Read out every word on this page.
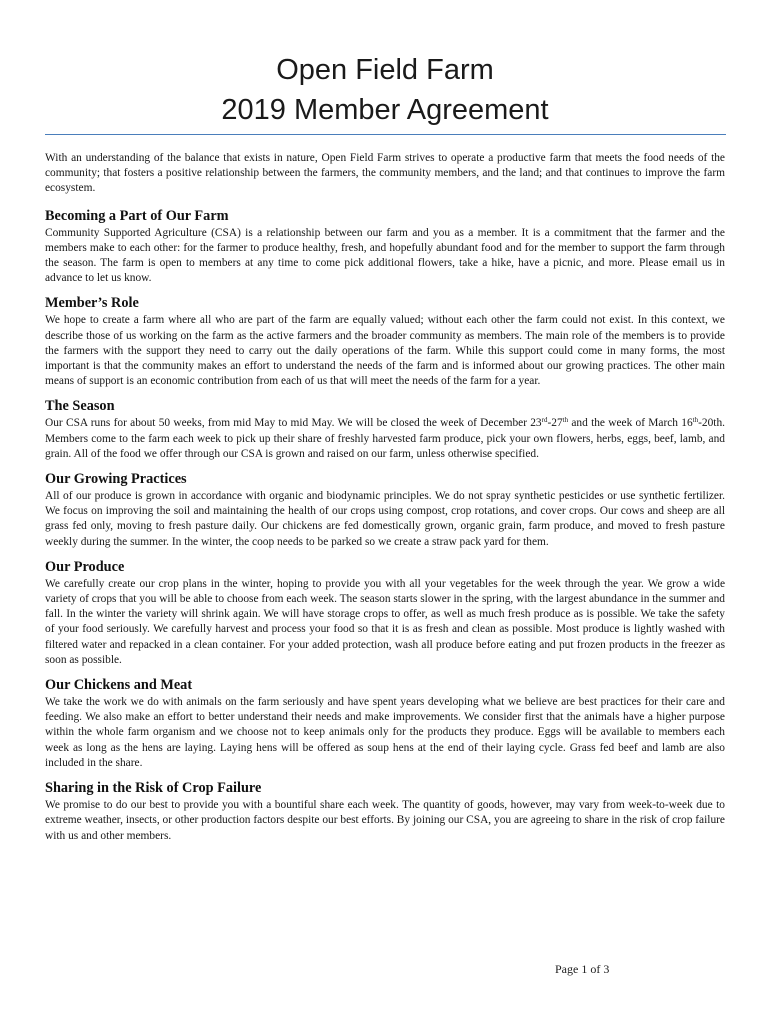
Open Field Farm
2019 Member Agreement

With an understanding of the balance that exists in nature, Open Field Farm strives to operate a productive farm that meets the food needs of the community; that fosters a positive relationship between the farmers, the community members, and the land; and that continues to improve the farm ecosystem.

Becoming a Part of Our Farm

Community Supported Agriculture (CSA) is a relationship between our farm and you as a member. It is a commitment that the farmer and the members make to each other: for the farmer to produce healthy, fresh, and hopefully abundant food and for the member to support the farm through the season. The farm is open to members at any time to come pick additional flowers, take a hike, have a picnic, and more. Please email us in advance to let us know.

Member’s Role

We hope to create a farm where all who are part of the farm are equally valued; without each other the farm could not exist. In this context, we describe those of us working on the farm as the active farmers and the broader community as members. The main role of the members is to provide the farmers with the support they need to carry out the daily operations of the farm. While this support could come in many forms, the most important is that the community makes an effort to understand the needs of the farm and is informed about our growing practices. The other main means of support is an economic contribution from each of us that will meet the needs of the farm for a year.

The Season

Our CSA runs for about 50 weeks, from mid May to mid May. We will be closed the week of December 23rd-27th and the week of March 16th-20th. Members come to the farm each week to pick up their share of freshly harvested farm produce, pick your own flowers, herbs, eggs, beef, lamb, and grain. All of the food we offer through our CSA is grown and raised on our farm, unless otherwise specified.

Our Growing Practices

All of our produce is grown in accordance with organic and biodynamic principles. We do not spray synthetic pesticides or use synthetic fertilizer. We focus on improving the soil and maintaining the health of our crops using compost, crop rotations, and cover crops. Our cows and sheep are all grass fed only, moving to fresh pasture daily. Our chickens are fed domestically grown, organic grain, farm produce, and moved to fresh pasture weekly during the summer. In the winter, the coop needs to be parked so we create a straw pack yard for them.

Our Produce

We carefully create our crop plans in the winter, hoping to provide you with all your vegetables for the week through the year. We grow a wide variety of crops that you will be able to choose from each week. The season starts slower in the spring, with the largest abundance in the summer and fall. In the winter the variety will shrink again. We will have storage crops to offer, as well as much fresh produce as is possible. We take the safety of your food seriously. We carefully harvest and process your food so that it is as fresh and clean as possible. Most produce is lightly washed with filtered water and repacked in a clean container. For your added protection, wash all produce before eating and put frozen products in the freezer as soon as possible.

Our Chickens and Meat

We take the work we do with animals on the farm seriously and have spent years developing what we believe are best practices for their care and feeding. We also make an effort to better understand their needs and make improvements. We consider first that the animals have a higher purpose within the whole farm organism and we choose not to keep animals only for the products they produce. Eggs will be available to members each week as long as the hens are laying. Laying hens will be offered as soup hens at the end of their laying cycle. Grass fed beef and lamb are also included in the share.

Sharing in the Risk of Crop Failure

We promise to do our best to provide you with a bountiful share each week. The quantity of goods, however, may vary from week-to-week due to extreme weather, insects, or other production factors despite our best efforts. By joining our CSA, you are agreeing to share in the risk of crop failure with us and other members.

Page 1 of 3
